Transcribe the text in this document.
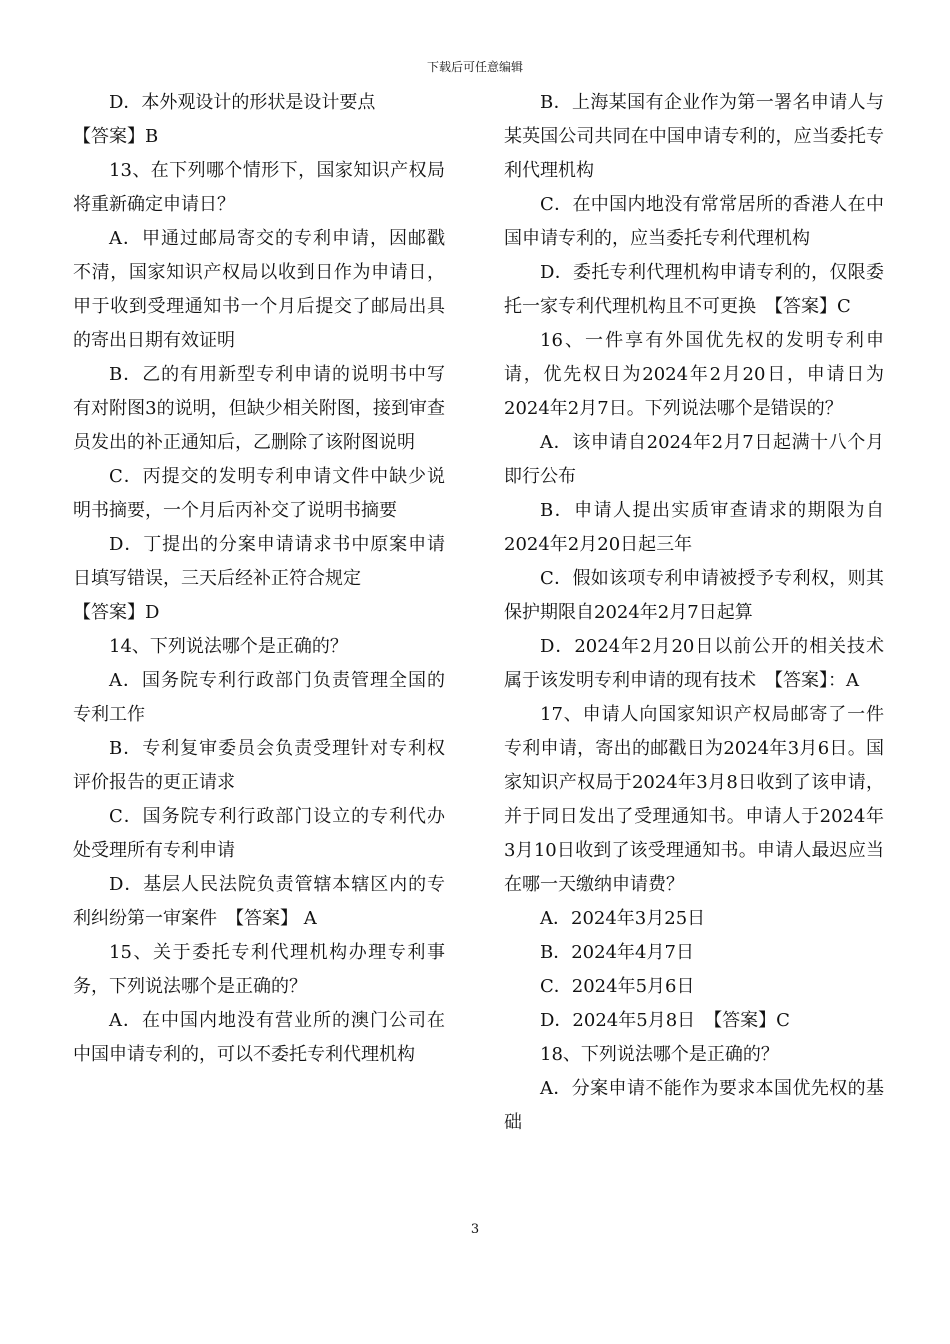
下载后可任意编辑

D．本外观设计的形状是设计要点

【答案】B

13、在下列哪个情形下，国家知识产权局将重新确定申请日？

A．甲通过邮局寄交的专利申请，因邮戳不清，国家知识产权局以收到日作为申请日，甲于收到受理通知书一个月后提交了邮局出具的寄出日期有效证明

B．乙的有用新型专利申请的说明书中写有对附图3的说明，但缺少相关附图，接到审查员发出的补正通知后，乙删除了该附图说明

C．丙提交的发明专利申请文件中缺少说明书摘要，一个月后丙补交了说明书摘要

D．丁提出的分案申请请求书中原案申请日填写错误，三天后经补正符合规定

【答案】D

14、下列说法哪个是正确的？

A．国务院专利行政部门负责管理全国的专利工作

B．专利复审委员会负责受理针对专利权评价报告的更正请求

C．国务院专利行政部门设立的专利代办处受理所有专利申请

D．基层人民法院负责管辖本辖区内的专利纠纷第一审案件　【答案】 A

15、关于委托专利代理机构办理专利事务，下列说法哪个是正确的？

A．在中国内地没有营业所的澳门公司在中国申请专利的，可以不委托专利代理机构

B．上海某国有企业作为第一署名申请人与某英国公司共同在中国申请专利的，应当委托专利代理机构

C．在中国内地没有常常居所的香港人在中国申请专利的，应当委托专利代理机构

D．委托专利代理机构申请专利的，仅限委托一家专利代理机构且不可更换　【答案】C

16、一件享有外国优先权的发明专利申请，优先权日为2024年2月20日，申请日为2024年2月7日。下列说法哪个是错误的？

A．该申请自2024年2月7日起满十八个月即行公布

B．申请人提出实质审查请求的期限为自2024年2月20日起三年

C．假如该项专利申请被授予专利权，则其保护期限自2024年2月7日起算

D．2024年2月20日以前公开的相关技术属于该发明专利申请的现有技术　【答案】：A

17、申请人向国家知识产权局邮寄了一件专利申请，寄出的邮戳日为2024年3月6日。国家知识产权局于2024年3月8日收到了该申请，并于同日发出了受理通知书。申请人于2024年3月10日收到了该受理通知书。申请人最迟应当在哪一天缴纳申请费？

A．2024年3月25日

B．2024年4月7日

C．2024年5月6日

D．2024年5月8日　【答案】C

18、下列说法哪个是正确的？

A．分案申请不能作为要求本国优先权的基础

3
